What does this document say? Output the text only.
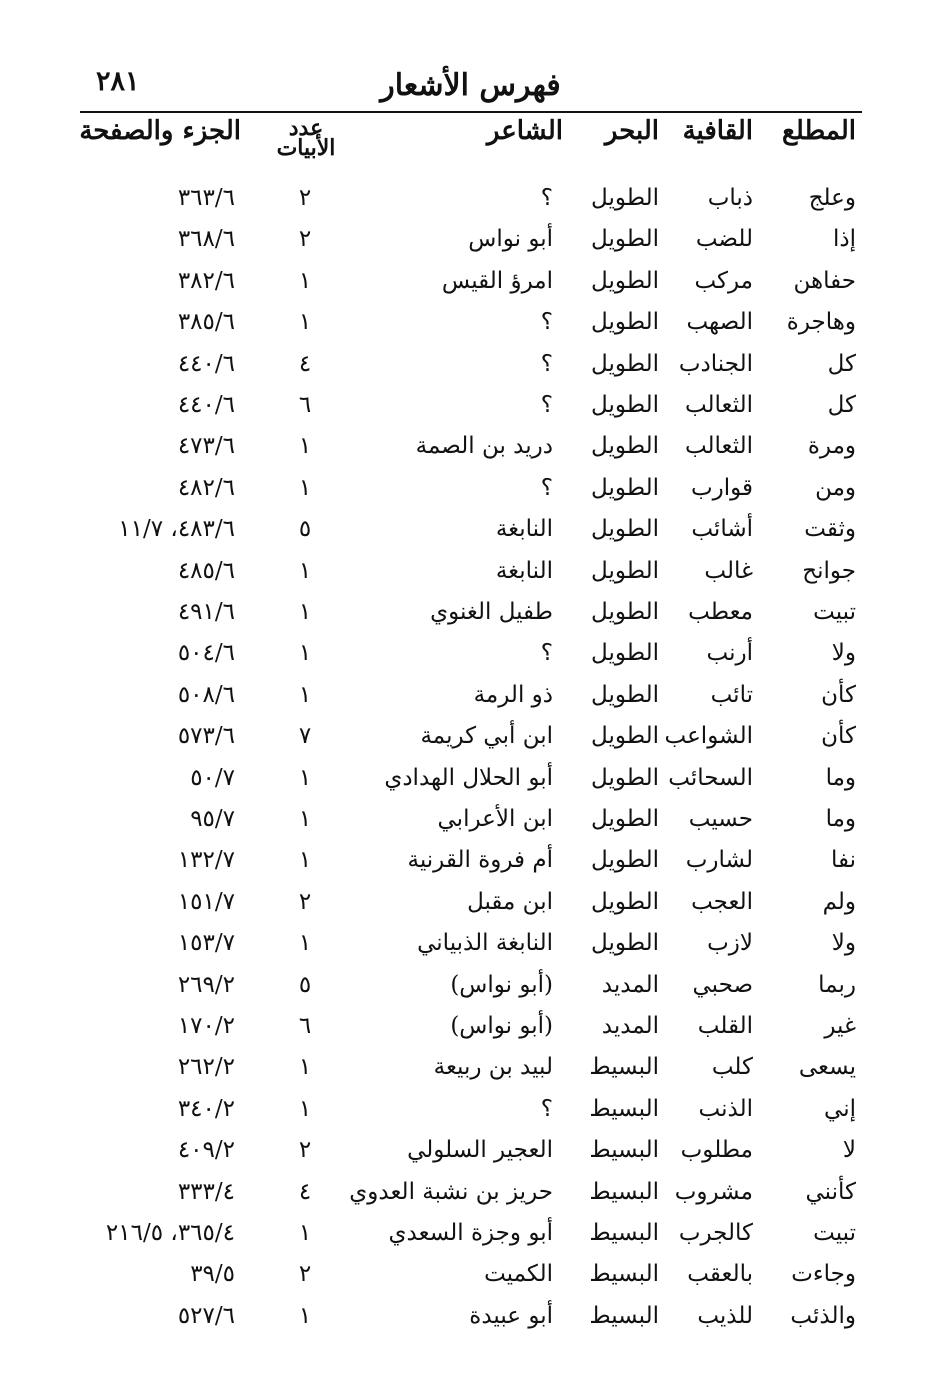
٢٨١	فهرس الأشعار
المطلع
القافية
البحر
الشاعر
عدد
الأبيات
الجزء والصفحة
وعلج
ذباب
الطويل
؟
٢
٣٦٣/٦
إذا
للضب
الطويل
أبو نواس
٢
٣٦٨/٦
حفاهن
مركب
الطويل
امرؤ القيس
١
٣٨٢/٦
وهاجرة
الصهب
الطويل
؟
١
٣٨٥/٦
كل
الجنادب
الطويل
؟
٤
٤٤٠/٦
كل
الثعالب
الطويل
؟
٦
٤٤٠/٦
ومرة
الثعالب
الطويل
دريد بن الصمة
١
٤٧٣/٦
ومن
قوارب
الطويل
؟
١
٤٨٢/٦
وثقت
أشائب
الطويل
النابغة
٥
٤٨٣/٦، ١١/٧
جوانح
غالب
الطويل
النابغة
١
٤٨٥/٦
تبيت
معطب
الطويل
طفيل الغنوي
١
٤٩١/٦
ولا
أرنب
الطويل
؟
١
٥٠٤/٦
كأن
تائب
الطويل
ذو الرمة
١
٥٠٨/٦
كأن
الشواعب
الطويل
ابن أبي كريمة
٧
٥٧٣/٦
وما
السحائب
الطويل
أبو الحلال الهدادي
١
٥٠/٧
وما
حسيب
الطويل
ابن الأعرابي
١
٩٥/٧
نفا
لشارب
الطويل
أم فروة القرنية
١
١٣٢/٧
ولم
العجب
الطويل
ابن مقبل
٢
١٥١/٧
ولا
لازب
الطويل
النابغة الذبياني
١
١٥٣/٧
ربما
صحبي
المديد
(أبو نواس)
٥
٢٦٩/٢
غير
القلب
المديد
(أبو نواس)
٦
١٧٠/٢
يسعى
كلب
البسيط
لبيد بن ربيعة
١
٢٦٢/٢
إني
الذنب
البسيط
؟
١
٣٤٠/٢
لا
مطلوب
البسيط
العجير السلولي
٢
٤٠٩/٢
كأنني
مشروب
البسيط
حريز بن نشبة العدوي
٤
٣٣٣/٤
تبيت
كالجرب
البسيط
أبو وجزة السعدي
١
٣٦٥/٤، ٢١٦/٥
وجاءت
بالعقب
البسيط
الكميت
٢
٣٩/٥
والذئب
للذيب
البسيط
أبو عبيدة
١
٥٢٧/٦
